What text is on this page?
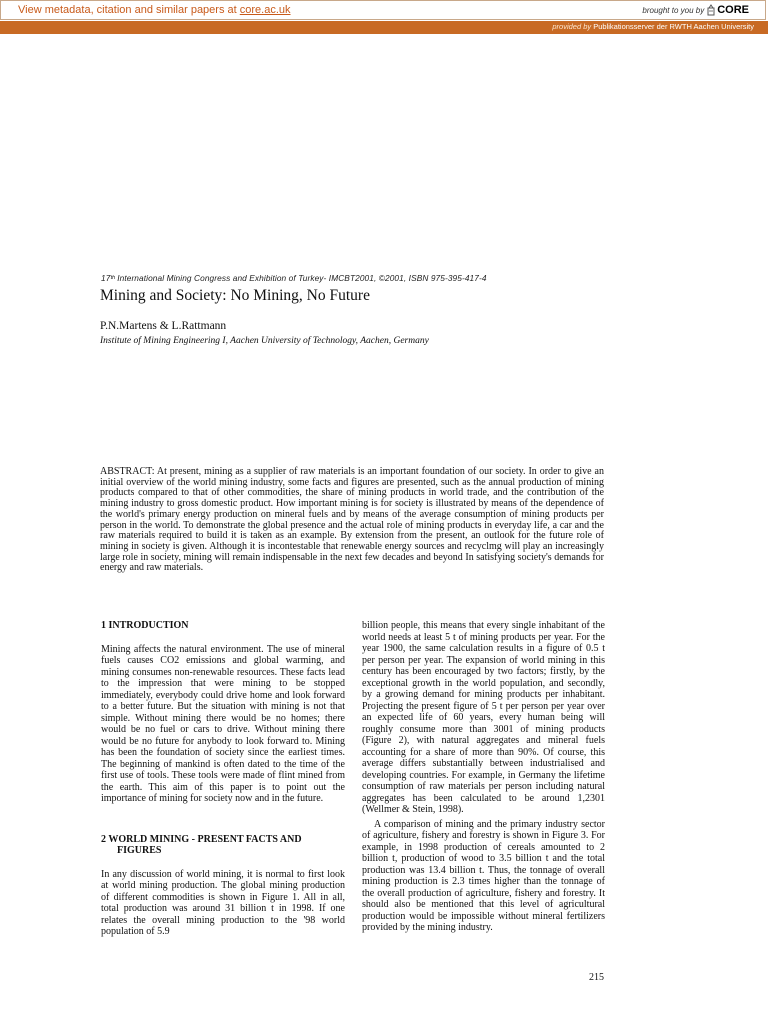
View metadata, citation and similar papers at core.ac.uk	brought to you by CORE
provided by Publikationsserver der RWTH Aachen University
17ᵗʰ International Mining Congress and Exhibition of Turkey- IMCBT2001, ©2001, ISBN 975-395-417-4
Mining and Society: No Mining, No Future
P.N.Martens & L.Rattmann
Institute of Mining Engineering I, Aachen University of Technology, Aachen, Germany
ABSTRACT: At present, mining as a supplier of raw materials is an important foundation of our society. In order to give an initial overview of the world mining industry, some facts and figures are presented, such as the annual production of mining products compared to that of other commodities, the share of mining products in world trade, and the contribution of the mining industry to gross domestic product. How important mining is for society is illustrated by means of the dependence of the world's primary energy production on mineral fuels and by means of the average consumption of mining products per person in the world. To demonstrate the global presence and the actual role of mining products in everyday life, a car and the raw materials required to build it is taken as an example. By extension from the present, an outlook for the future role of mining in society is given. Although it is incontestable that renewable energy sources and recyclmg will play an increasingly large role in society, mining will remain indispensable in the next few decades and beyond In satisfying society's demands for energy and raw materials.
1 INTRODUCTION

Mining affects the natural environment. The use of mineral fuels causes CO2 emissions and global warming, and mining consumes non-renewable resources. These facts lead to the impression that were mining to be stopped immediately, everybody could drive home and look forward to a better future. But the situation with mining is not that simple. Without mining there would be no homes; there would be no fuel or cars to drive. Without mining there would be no future for anybody to look forward to. Mining has been the foundation of society since the earliest times. The beginning of mankind is often dated to the time of the first use of tools. These tools were made of flint mined from the earth. This aim of this paper is to point out the importance of mining for society now and in the future.

2 WORLD MINING - PRESENT FACTS AND
FIGURES

In any discussion of world mining, it is normal to first look at world mining production. The global mining production of different commodities is shown in Figure 1. All in all, total production was around 31 billion t in 1998. If one relates the overall mining production to the '98 world population of 5.9

billion people, this means that every single inhabitant of the world needs at least 5 t of mining products per year. For the year 1900, the same calculation results in a figure of 0.5 t per person per year. The expansion of world mining in this century has been encouraged by two factors; firstly, by the exceptional growth in the world population, and secondly, by a growing demand for mining products per inhabitant. Projecting the present figure of 5 t per person per year over an expected life of 60 years, every human being will roughly consume more than 3001 of mining products (Figure 2), with natural aggregates and mineral fuels accounting for a share of more than 90%. Of course, this average differs substantially between industrialised and developing countries. For example, in Germany the lifetime consumption of raw materials per person including natural aggregates has been calculated to be around 1,2301 (Wellmer & Stein, 1998).

A comparison of mining and the primary industry sector of agriculture, fishery and forestry is shown in Figure 3. For example, in 1998 production of cereals amounted to 2 billion t, production of wood to 3.5 billion t and the total production was 13.4 billion t. Thus, the tonnage of overall mining production is 2.3 times higher than the tonnage of the overall production of agriculture, fishery and forestry. It should also be mentioned that this level of agricultural production would be impossible without mineral fertilizers provided by the mining industry.

215
